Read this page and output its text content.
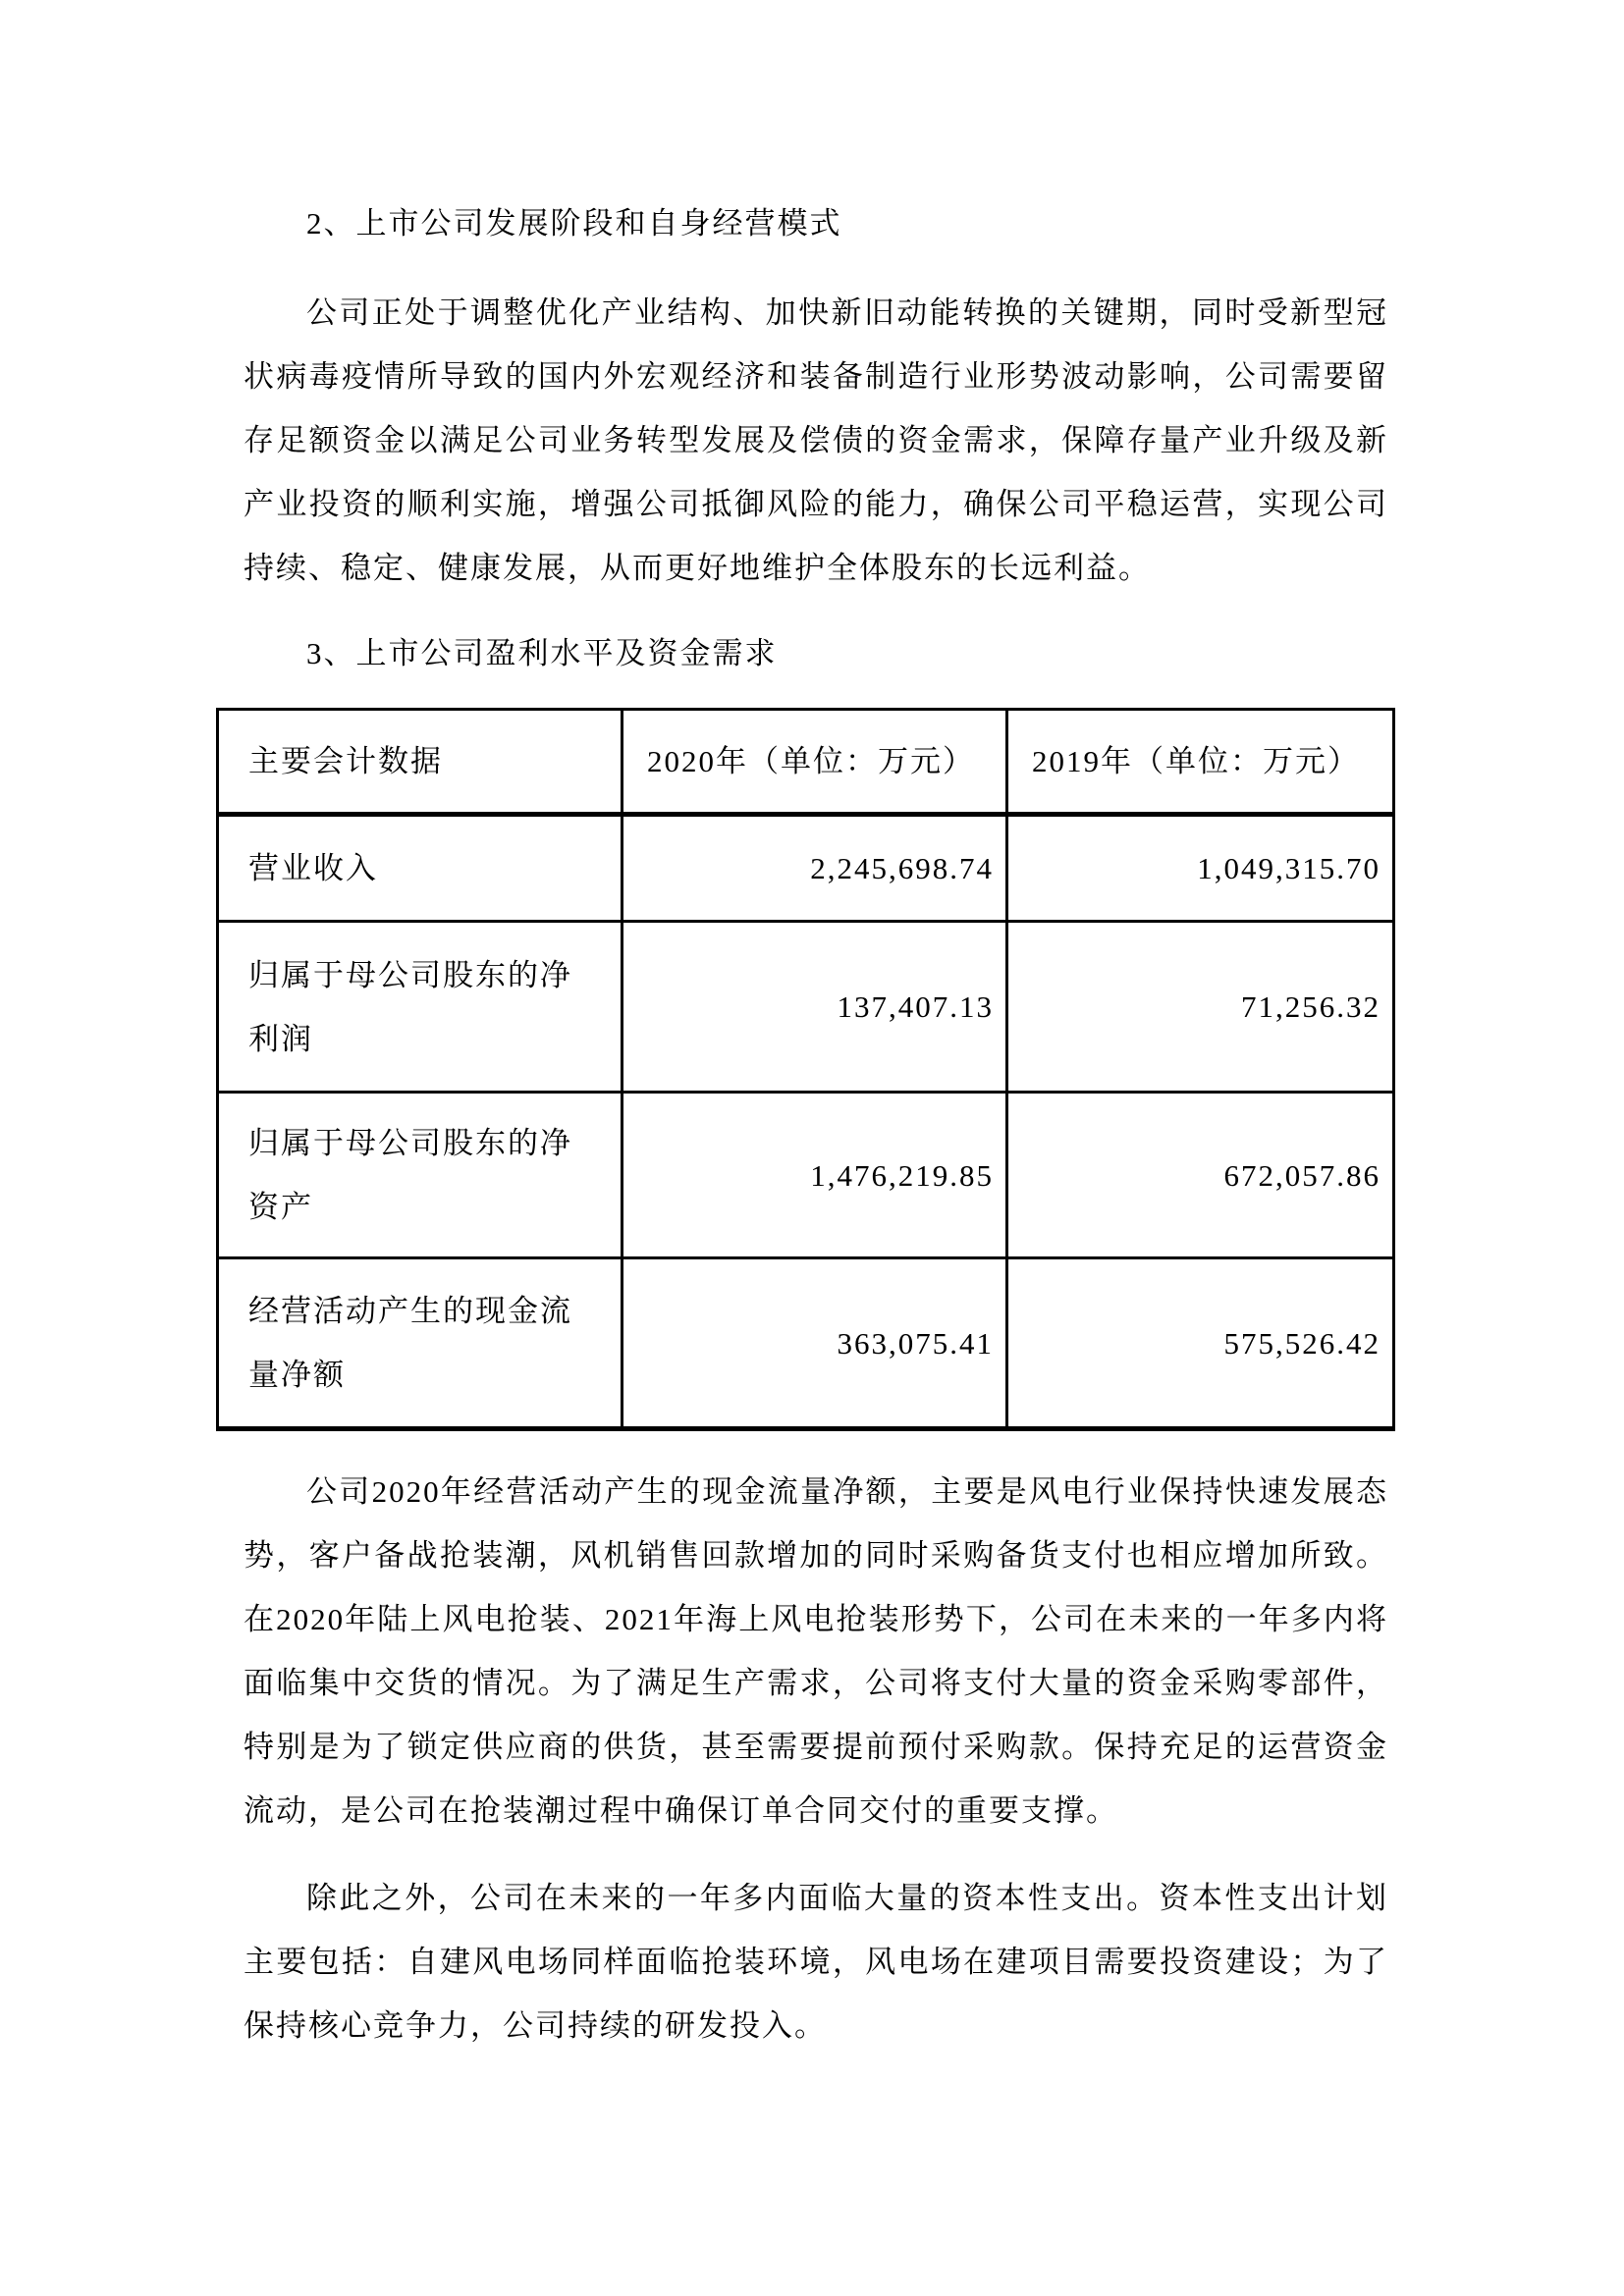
2、上市公司发展阶段和自身经营模式

公司正处于调整优化产业结构、加快新旧动能转换的关键期，同时受新型冠状病毒疫情所导致的国内外宏观经济和装备制造行业形势波动影响，公司需要留存足额资金以满足公司业务转型发展及偿债的资金需求，保障存量产业升级及新产业投资的顺利实施，增强公司抵御风险的能力，确保公司平稳运营，实现公司持续、稳定、健康发展，从而更好地维护全体股东的长远利益。

3、上市公司盈利水平及资金需求
主要会计数据	2020年（单位：万元）	2019年（单位：万元）
营业收入	2,245,698.74	1,049,315.70
归属于母公司股东的净利润	137,407.13	71,256.32
归属于母公司股东的净资产	1,476,219.85	672,057.86
经营活动产生的现金流量净额	363,075.41	575,526.42

公司2020年经营活动产生的现金流量净额，主要是风电行业保持快速发展态势，客户备战抢装潮，风机销售回款增加的同时采购备货支付也相应增加所致。在2020年陆上风电抢装、2021年海上风电抢装形势下，公司在未来的一年多内将面临集中交货的情况。为了满足生产需求，公司将支付大量的资金采购零部件，特别是为了锁定供应商的供货，甚至需要提前预付采购款。保持充足的运营资金流动，是公司在抢装潮过程中确保订单合同交付的重要支撑。

除此之外，公司在未来的一年多内面临大量的资本性支出。资本性支出计划主要包括：自建风电场同样面临抢装环境，风电场在建项目需要投资建设；为了保持核心竞争力，公司持续的研发投入。
